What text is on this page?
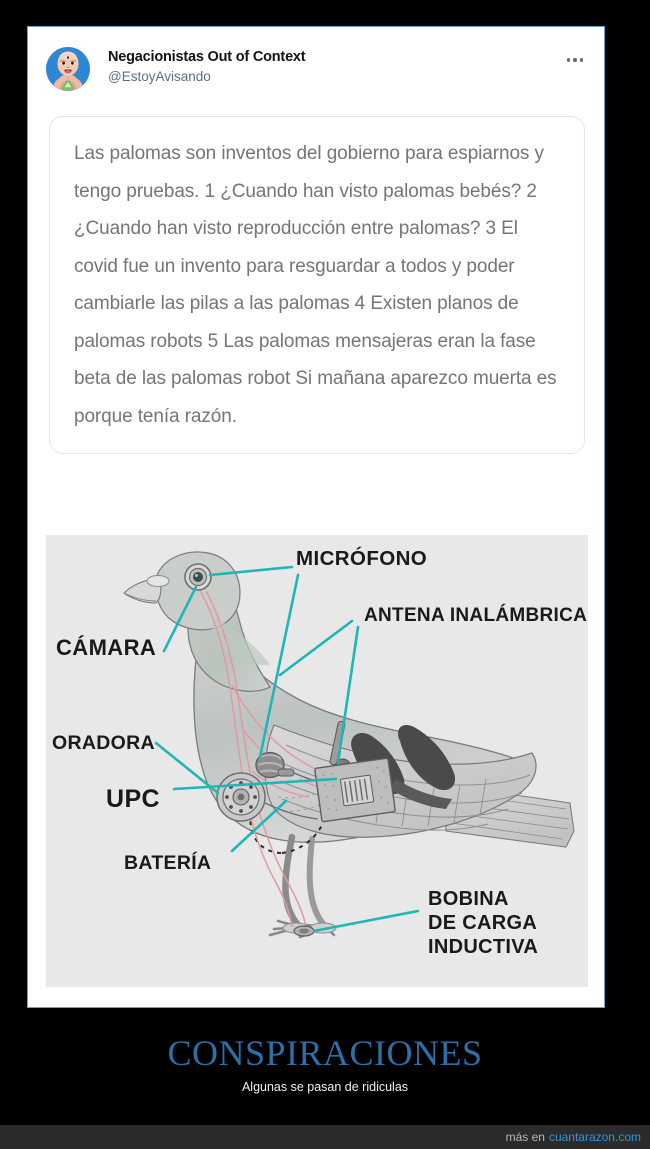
Negacionistas Out of Context
@EstoyAvisando

Las palomas son inventos del gobierno para espiarnos y tengo pruebas. 1 ¿Cuando han visto palomas bebés? 2 ¿Cuando han visto reproducción entre palomas? 3 El covid fue un invento para resguardar a todos y poder cambiarle las pilas a las palomas 4 Existen planos de palomas robots 5 Las palomas mensajeras eran la fase beta de las palomas robot Si mañana aparezco muerta es porque tenía razón.

MICRÓFONO
ANTENA INALÁMBRICA
CÁMARA
ORADORA
UPC
BATERÍA
BOBINA
DE CARGA
INDUCTIVA
CONSPIRACIONES

Algunas se pasan de ridiculas

más en cuantarazon.com
